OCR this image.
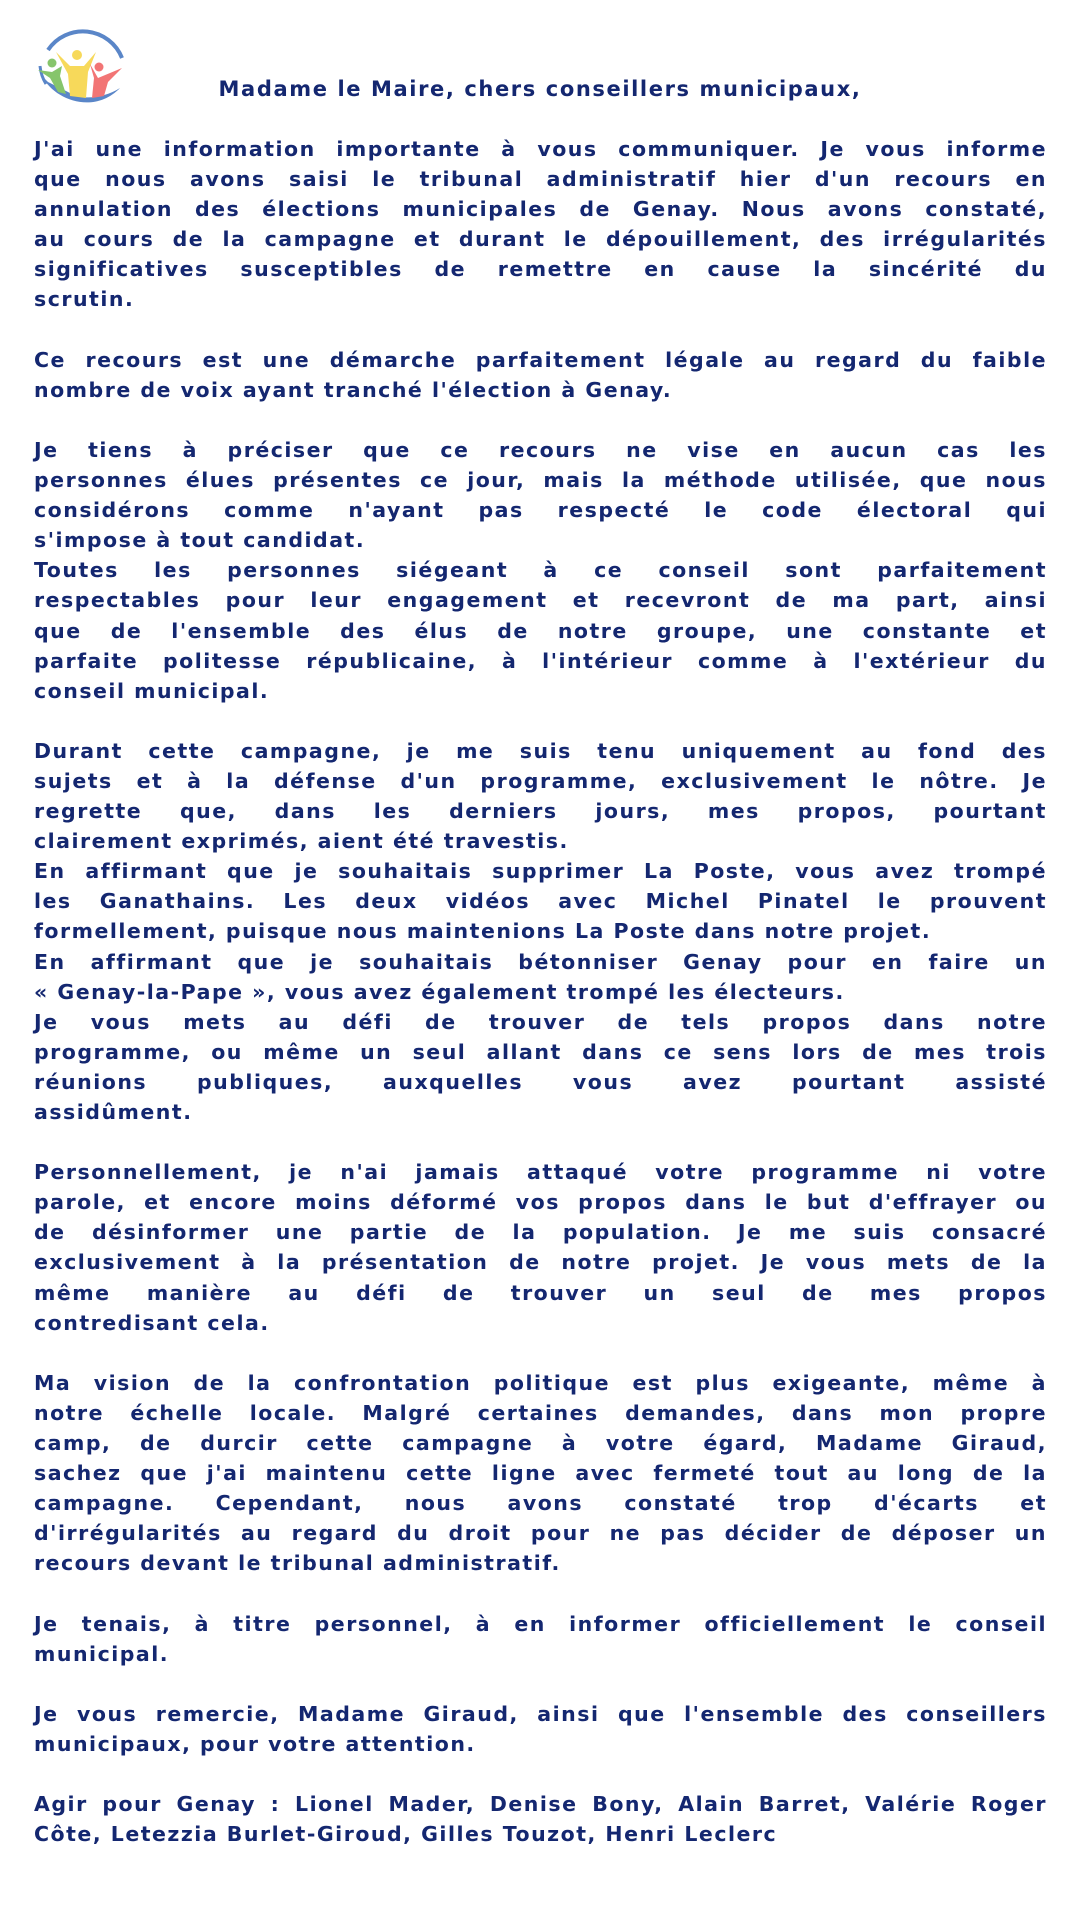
Madame le Maire, chers conseillers municipaux,
J'ai une information importante à vous communiquer. Je vous informe
que nous avons saisi le tribunal administratif hier d'un recours en
annulation des élections municipales de Genay. Nous avons constaté,
au cours de la campagne et durant le dépouillement, des irrégularités
significatives susceptibles de remettre en cause la sincérité du
scrutin.
Ce recours est une démarche parfaitement légale au regard du faible
nombre de voix ayant tranché l'élection à Genay.
Je tiens à préciser que ce recours ne vise en aucun cas les
personnes élues présentes ce jour, mais la méthode utilisée, que nous
considérons comme n'ayant pas respecté le code électoral qui
s'impose à tout candidat.
Toutes les personnes siégeant à ce conseil sont parfaitement
respectables pour leur engagement et recevront de ma part, ainsi
que de l'ensemble des élus de notre groupe, une constante et
parfaite politesse républicaine, à l'intérieur comme à l'extérieur du
conseil municipal.
Durant cette campagne, je me suis tenu uniquement au fond des
sujets et à la défense d'un programme, exclusivement le nôtre. Je
regrette que, dans les derniers jours, mes propos, pourtant
clairement exprimés, aient été travestis.
En affirmant que je souhaitais supprimer La Poste, vous avez trompé
les Ganathains. Les deux vidéos avec Michel Pinatel le prouvent
formellement, puisque nous maintenions La Poste dans notre projet.
En affirmant que je souhaitais bétonniser Genay pour en faire un
« Genay-la-Pape », vous avez également trompé les électeurs.
Je vous mets au défi de trouver de tels propos dans notre
programme, ou même un seul allant dans ce sens lors de mes trois
réunions publiques, auxquelles vous avez pourtant assisté
assidûment.
Personnellement, je n'ai jamais attaqué votre programme ni votre
parole, et encore moins déformé vos propos dans le but d'effrayer ou
de désinformer une partie de la population. Je me suis consacré
exclusivement à la présentation de notre projet. Je vous mets de la
même manière au défi de trouver un seul de mes propos
contredisant cela.
Ma vision de la confrontation politique est plus exigeante, même à
notre échelle locale. Malgré certaines demandes, dans mon propre
camp, de durcir cette campagne à votre égard, Madame Giraud,
sachez que j'ai maintenu cette ligne avec fermeté tout au long de la
campagne. Cependant, nous avons constaté trop d'écarts et
d'irrégularités au regard du droit pour ne pas décider de déposer un
recours devant le tribunal administratif.
Je tenais, à titre personnel, à en informer officiellement le conseil
municipal.
Je vous remercie, Madame Giraud, ainsi que l'ensemble des conseillers
municipaux, pour votre attention.
Agir pour Genay : Lionel Mader, Denise Bony, Alain Barret, Valérie Roger
Côte, Letezzia Burlet-Giroud, Gilles Touzot, Henri Leclerc
